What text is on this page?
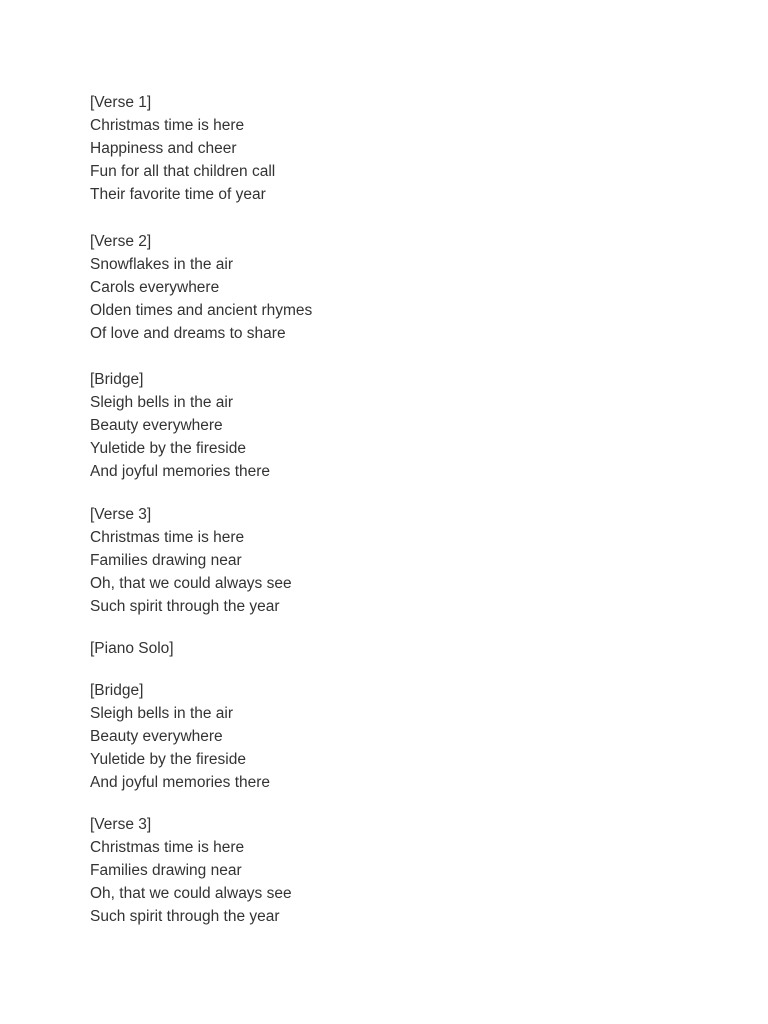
[Verse 1]
Christmas time is here
Happiness and cheer
Fun for all that children call
Their favorite time of year
[Verse 2]
Snowflakes in the air
Carols everywhere
Olden times and ancient rhymes
Of love and dreams to share
[Bridge]
Sleigh bells in the air
Beauty everywhere
Yuletide by the fireside
And joyful memories there
[Verse 3]
Christmas time is here
Families drawing near
Oh, that we could always see
Such spirit through the year
[Piano Solo]
[Bridge]
Sleigh bells in the air
Beauty everywhere
Yuletide by the fireside
And joyful memories there
[Verse 3]
Christmas time is here
Families drawing near
Oh, that we could always see
Such spirit through the year
